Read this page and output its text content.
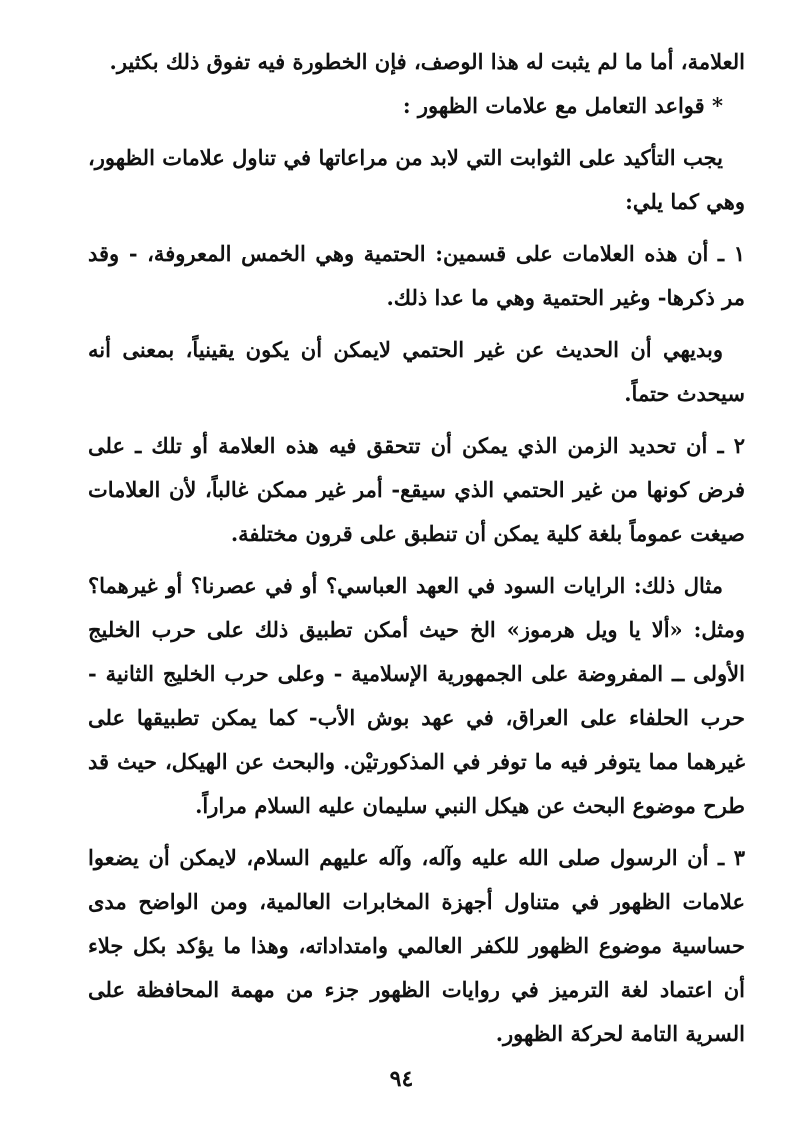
العلامة، أما ما لم يثبت له هذا الوصف، فإن الخطورة فيه تفوق ذلك بكثير.

* قواعد التعامل مع علامات الظهور :

يجب التأكيد على الثوابت التي لابد من مراعاتها في تناول علامات الظهور، وهي كما يلي:

١ ـ أن هذه العلامات على قسمين: الحتمية وهي الخمس المعروفة، - وقد مر ذكرها- وغير الحتمية وهي ما عدا ذلك.

وبديهي أن الحديث عن غير الحتمي لايمكن أن يكون يقينياً، بمعنى أنه سيحدث حتماً.

٢ ـ أن تحديد الزمن الذي يمكن أن تتحقق فيه هذه العلامة أو تلك ـ على فرض كونها من غير الحتمي الذي سيقع- أمر غير ممكن غالباً، لأن العلامات صيغت عموماً بلغة كلية يمكن أن تنطبق على قرون مختلفة.

مثال ذلك: الرايات السود في العهد العباسي؟ أو في عصرنا؟ أو غيرهما؟ ومثل: «ألا يا ويل هرموز» الخ حيث أمكن تطبيق ذلك على حرب الخليج الأولى ــ المفروضة على الجمهورية الإسلامية - وعلى حرب الخليج الثانية - حرب الحلفاء على العراق، في عهد بوش الأب- كما يمكن تطبيقها على غيرهما مما يتوفر فيه ما توفر في المذكورتيْن. والبحث عن الهيكل، حيث قد طرح موضوع البحث عن هيكل النبي سليمان عليه السلام مراراً.

٣ ـ أن الرسول صلى الله عليه وآله، وآله عليهم السلام، لايمكن أن يضعوا علامات الظهور في متناول أجهزة المخابرات العالمية، ومن الواضح مدى حساسية موضوع الظهور للكفر العالمي وامتداداته، وهذا ما يؤكد بكل جلاء أن اعتماد لغة الترميز في روايات الظهور جزء من مهمة المحافظة على السرية التامة لحركة الظهور.

٩٤
